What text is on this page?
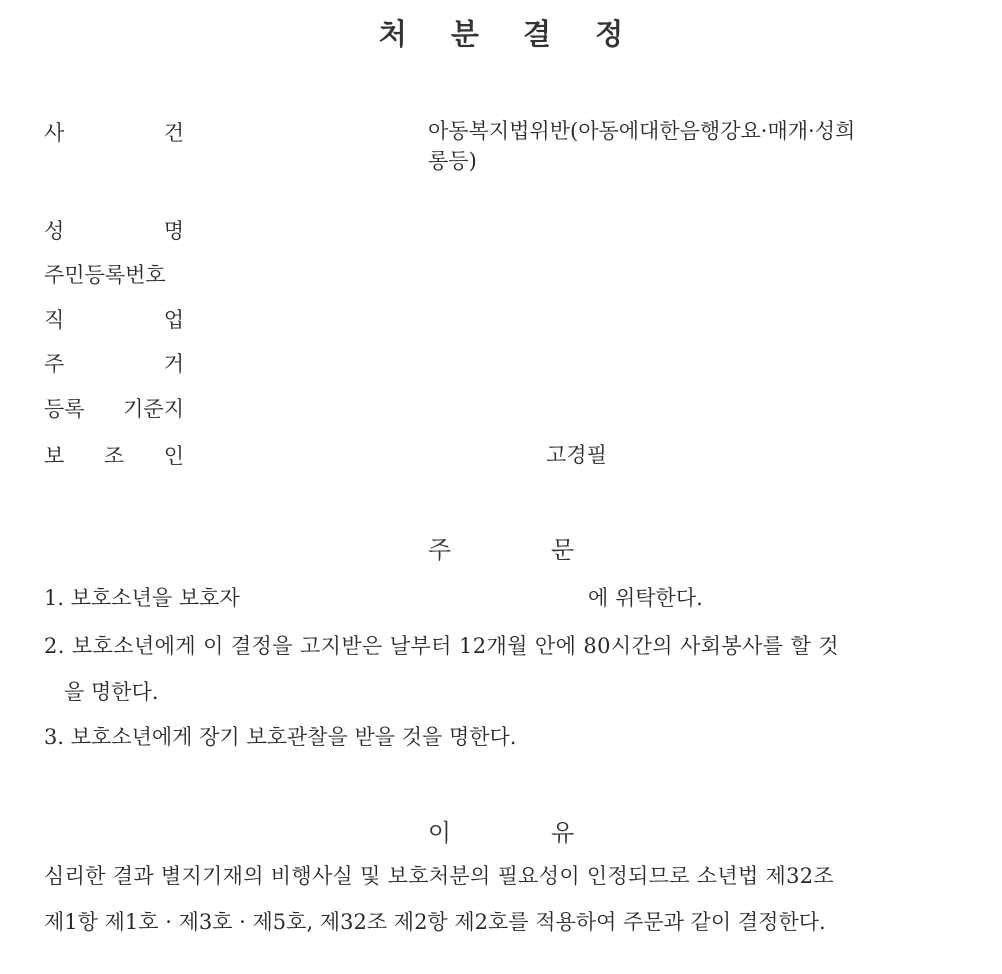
처 분 결 정
사	건	아동복지법위반(아동에대한음행강요·매개·성희
롱등)
성	명
주민등록번호
직	업
주	거
등록 기준지
보 조 인	고경필
주	문
1. 보호소년을 보호자	에 위탁한다.
2. 보호소년에게 이 결정을 고지받은 날부터 12개월 안에 80시간의 사회봉사를 할 것
을 명한다.
3. 보호소년에게 장기 보호관찰을 받을 것을 명한다.
이	유
심리한 결과 별지기재의 비행사실 및 보호처분의 필요성이 인정되므로 소년법 제32조
제1항 제1호 · 제3호 · 제5호, 제32조 제2항 제2호를 적용하여 주문과 같이 결정한다.
